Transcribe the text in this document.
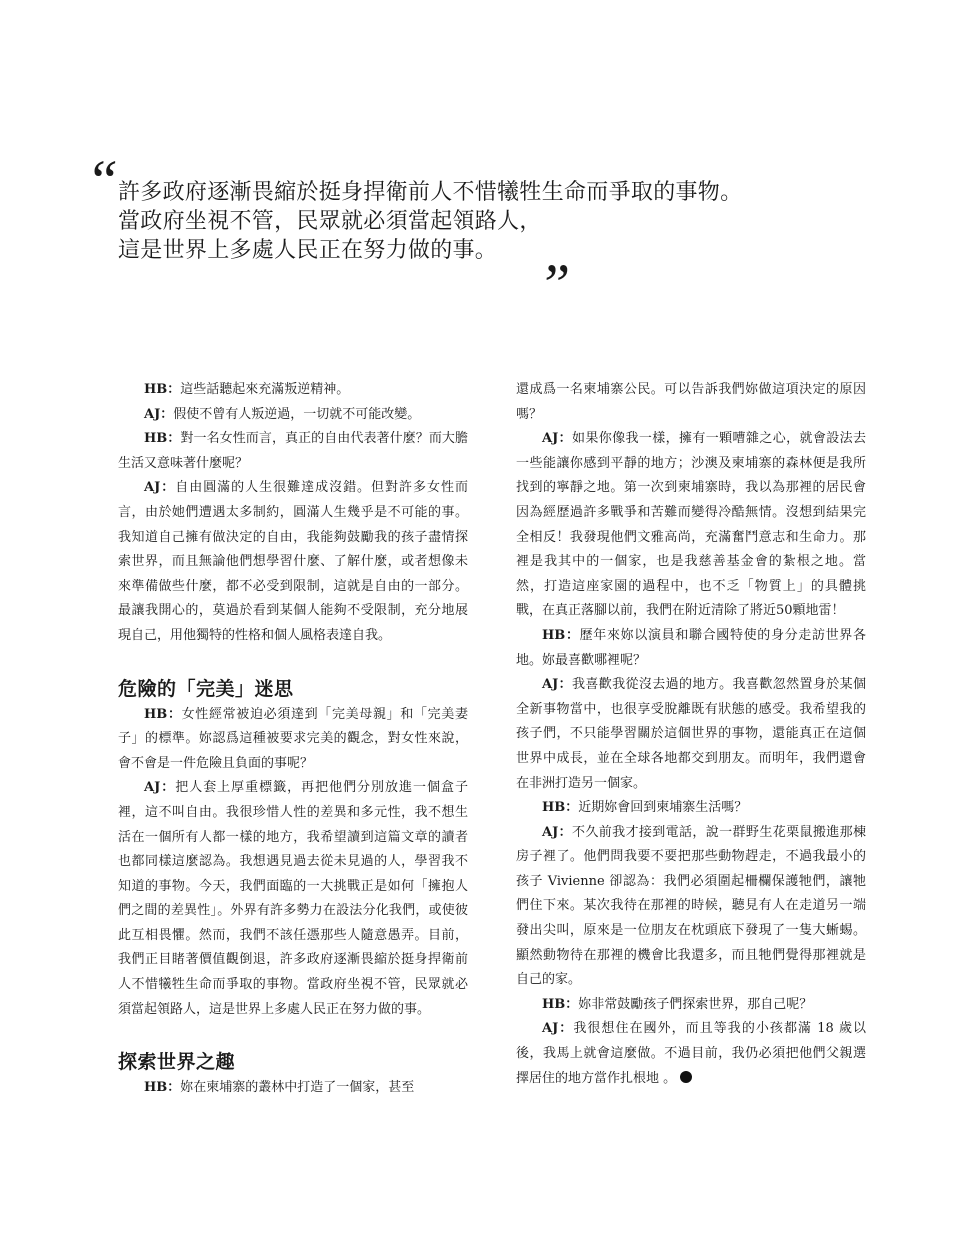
“ 許多政府逐漸畏縮於挺身捍衛前人不惜犧牲生命而爭取的事物。
當政府坐視不管，民眾就必須當起領路人，
這是世界上多處人民正在努力做的事。
”

HB：這些話聽起來充滿叛逆精神。

AJ：假使不曾有人叛逆過，一切就不可能改變。

HB：對一名女性而言，真正的自由代表著什麼？而大膽生活又意味著什麼呢？

AJ：自由圓滿的人生很難達成沒錯。但對許多女性而言，由於她們遭遇太多制約，圓滿人生幾乎是不可能的事。我知道自己擁有做決定的自由，我能夠鼓勵我的孩子盡情探索世界，而且無論他們想學習什麼、了解什麼，或者想像未來準備做些什麼，都不必受到限制，這就是自由的一部分。最讓我開心的，莫過於看到某個人能夠不受限制，充分地展現自己，用他獨特的性格和個人風格表達自我。

危險的「完美」迷思

HB：女性經常被迫必須達到「完美母親」和「完美妻子」的標準。妳認爲這種被要求完美的觀念，對女性來說，會不會是一件危險且負面的事呢？

AJ：把人套上厚重標籤，再把他們分別放進一個盒子裡，這不叫自由。我很珍惜人性的差異和多元性，我不想生活在一個所有人都一樣的地方，我希望讀到這篇文章的讀者也都同樣這麼認為。我想遇見過去從未見過的人，學習我不知道的事物。今天，我們面臨的一大挑戰正是如何「擁抱人們之間的差異性」。外界有許多勢力在設法分化我們，或使彼此互相畏懼。然而，我們不該任憑那些人隨意愚弄。目前，我們正目睹著價值觀倒退，許多政府逐漸畏縮於挺身捍衛前人不惜犧牲生命而爭取的事物。當政府坐視不管，民眾就必須當起領路人，這是世界上多處人民正在努力做的事。

探索世界之趣

HB：妳在柬埔寨的叢林中打造了一個家，甚至

還成爲一名柬埔寨公民。可以告訴我們妳做這項決定的原因嗎？

AJ：如果你像我一樣，擁有一顆嘈雜之心，就會設法去一些能讓你感到平靜的地方；沙澳及柬埔寨的森林便是我所找到的寧靜之地。第一次到柬埔寨時，我以為那裡的居民會因為經歷過許多戰爭和苦難而變得冷酷無情。沒想到結果完全相反！我發現他們文雅高尚，充滿奮鬥意志和生命力。那裡是我其中的一個家，也是我慈善基金會的紮根之地。當然，打造這座家園的過程中，也不乏「物質上」的具體挑戰，在真正落腳以前，我們在附近清除了將近50顆地雷！

HB：歷年來妳以演員和聯合國特使的身分走訪世界各地。妳最喜歡哪裡呢？

AJ：我喜歡我從沒去過的地方。我喜歡忽然置身於某個全新事物當中，也很享受脫離既有狀態的感受。我希望我的孩子們，不只能學習關於這個世界的事物，還能真正在這個世界中成長，並在全球各地都交到朋友。而明年，我們還會在非洲打造另一個家。

HB：近期妳會回到柬埔寨生活嗎？

AJ：不久前我才接到電話，說一群野生花栗鼠搬進那棟房子裡了。他們問我要不要把那些動物趕走，不過我最小的孩子 Vivienne 卻認為：我們必須圍起柵欄保護牠們，讓牠們住下來。某次我待在那裡的時候，聽見有人在走道另一端發出尖叫，原來是一位朋友在枕頭底下發現了一隻大蜥蜴。顯然動物待在那裡的機會比我還多，而且牠們覺得那裡就是自己的家。

HB：妳非常鼓勵孩子們探索世界，那自己呢？

AJ：我很想住在國外，而且等我的小孩都滿 18 歲以後，我馬上就會這麼做。不過目前，我仍必須把他們父親選擇居住的地方當作扎根地 。
